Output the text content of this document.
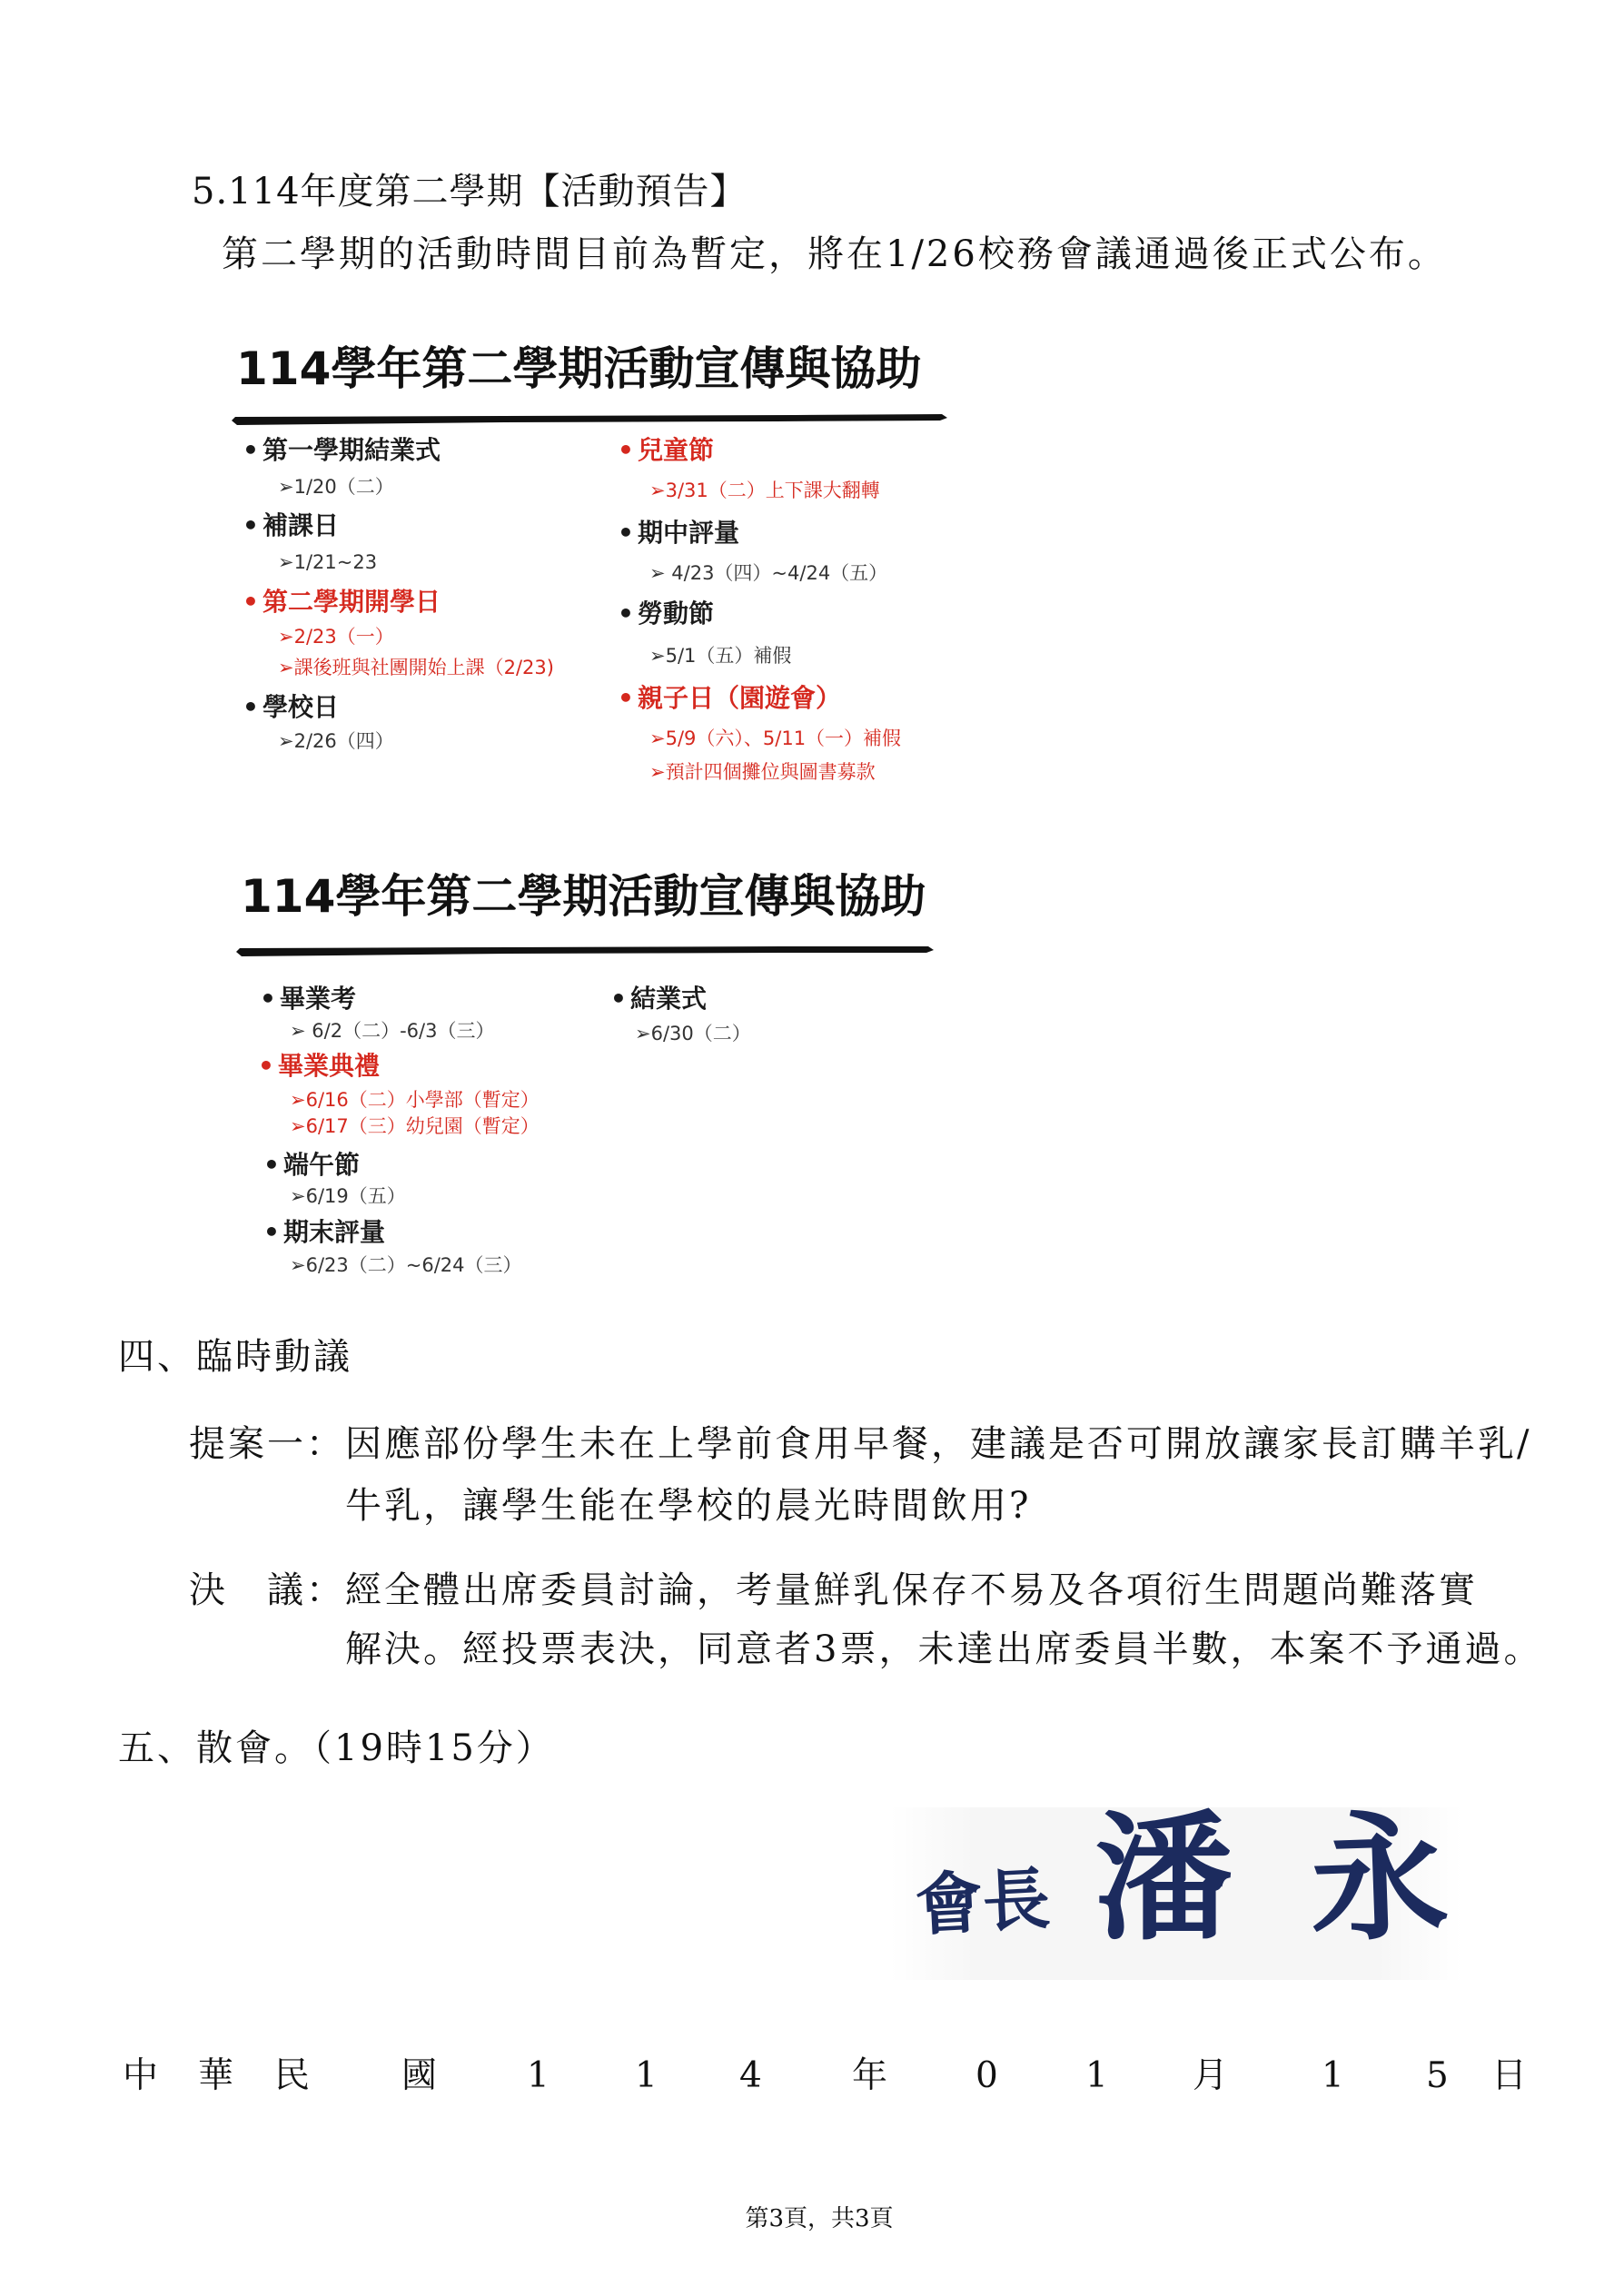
5.114年度第二學期【活動預告】
第二學期的活動時間目前為暫定，將在1/26校務會議通過後正式公布。
114學年第二學期活動宣傳與協助
• 第一學期結業式
➢1/20（二）
• 補課日
➢1/21~23
• 第二學期開學日
➢2/23（一）
➢課後班與社團開始上課（2/23)
• 學校日
➢2/26（四）
• 兒童節
➢3/31（二）上下課大翻轉
• 期中評量
➢ 4/23（四）~4/24（五）
• 勞動節
➢5/1（五）補假
• 親子日（園遊會）
➢5/9（六）、5/11（一）補假
➢預計四個攤位與圖書募款
114學年第二學期活動宣傳與協助
• 畢業考
➢ 6/2（二）-6/3（三）
• 畢業典禮
➢6/16（二）小學部（暫定）
➢6/17（三）幼兒園（暫定）
• 端午節
➢6/19（五）
• 期末評量
➢6/23（二）~6/24（三）
• 結業式
➢6/30（二）
四、臨時動議
提案一： 因應部份學生未在上學前食用早餐，建議是否可開放讓家長訂購羊乳/
牛乳，讓學生能在學校的晨光時間飲用?
決　議： 經全體出席委員討論，考量鮮乳保存不易及各項衍生問題尚難落實
解決。經投票表決，同意者3票，未達出席委員半數，本案不予通過。
五、散會。（19時15分）
會長 潘 永
中 華 民	國	1 1 4	年 0 1 月	1 5 日
第3頁，共3頁
